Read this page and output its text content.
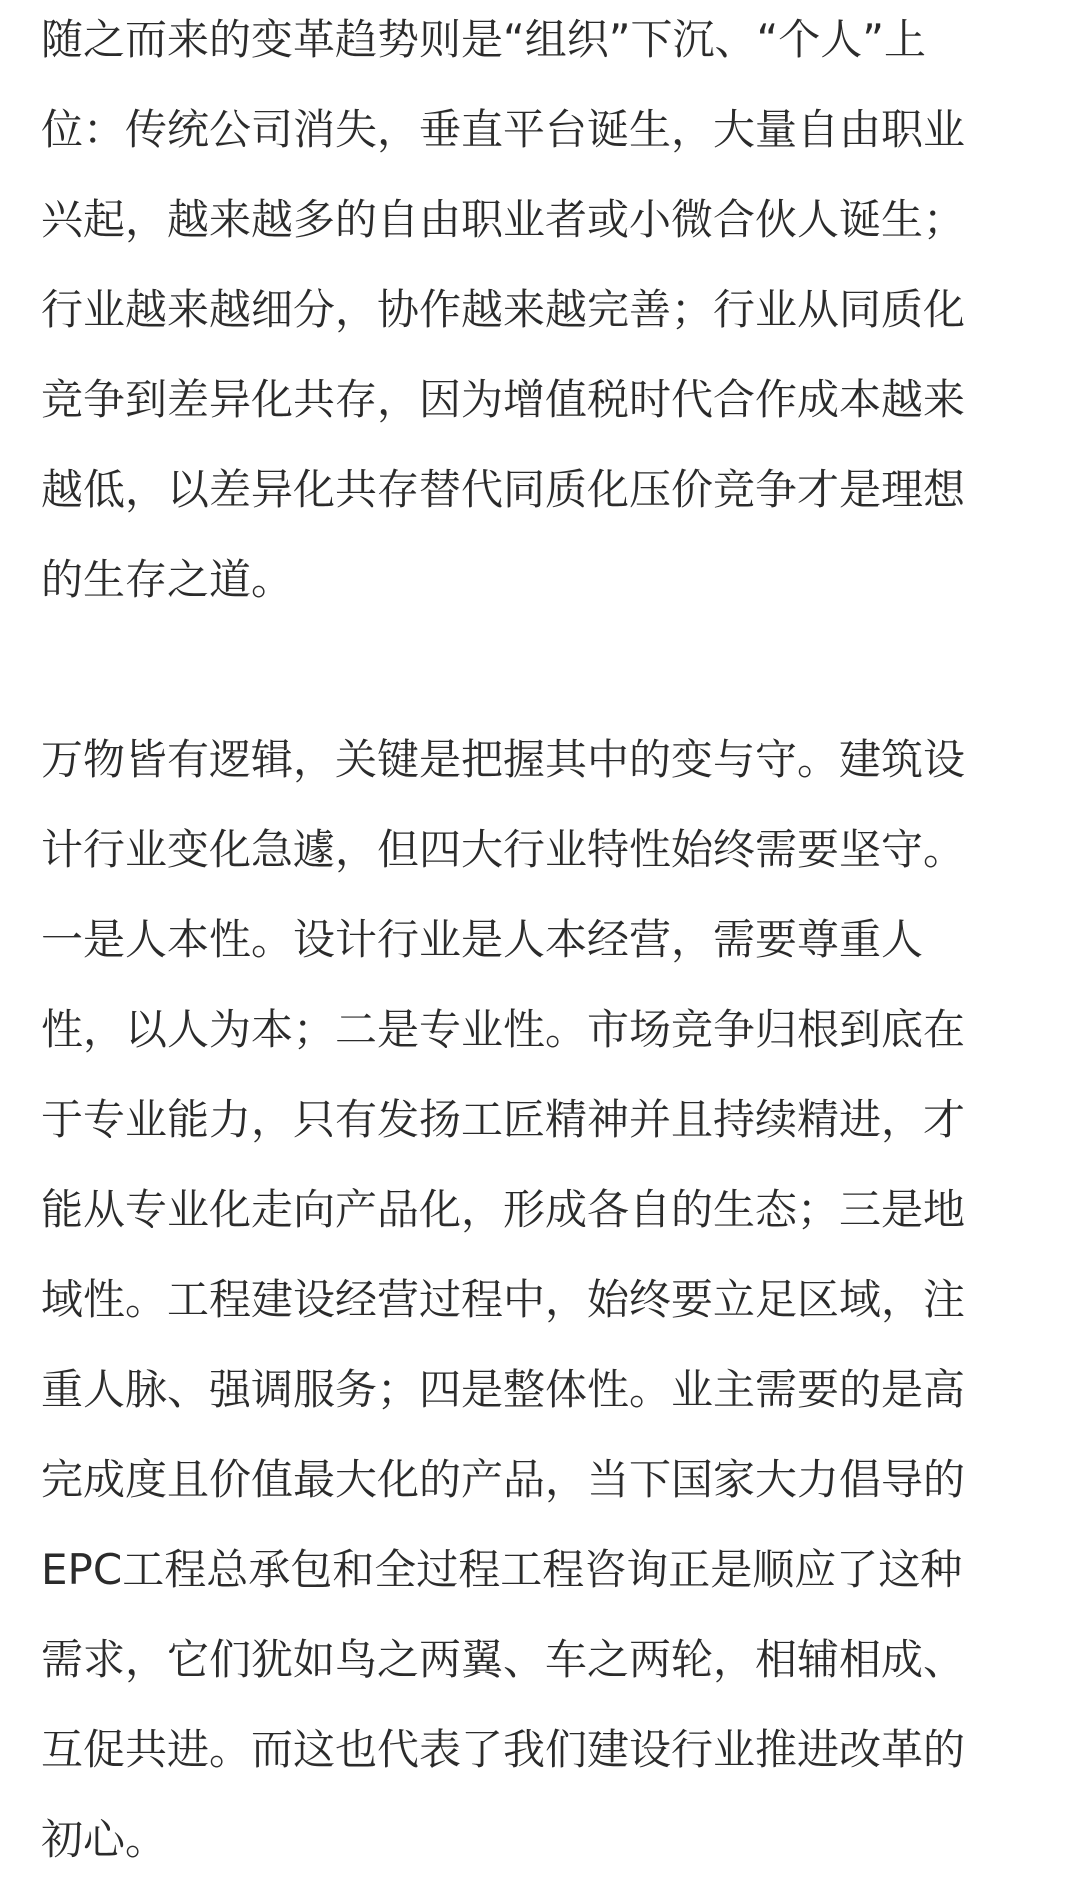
随之而来的变革趋势则是“组织”下沉、“个人”上
位：传统公司消失，垂直平台诞生，大量自由职业
兴起，越来越多的自由职业者或小微合伙人诞生；
行业越来越细分，协作越来越完善；行业从同质化
竞争到差异化共存，因为增值税时代合作成本越来
越低，以差异化共存替代同质化压价竞争才是理想
的生存之道。
万物皆有逻辑，关键是把握其中的变与守。建筑设
计行业变化急遽，但四大行业特性始终需要坚守。
一是人本性。设计行业是人本经营，需要尊重人
性，以人为本；二是专业性。市场竞争归根到底在
于专业能力，只有发扬工匠精神并且持续精进，才
能从专业化走向产品化，形成各自的生态；三是地
域性。工程建设经营过程中，始终要立足区域，注
重人脉、强调服务；四是整体性。业主需要的是高
完成度且价值最大化的产品，当下国家大力倡导的
EPC工程总承包和全过程工程咨询正是顺应了这种
需求，它们犹如鸟之两翼、车之两轮，相辅相成、
互促共进。而这也代表了我们建设行业推进改革的
初心。
